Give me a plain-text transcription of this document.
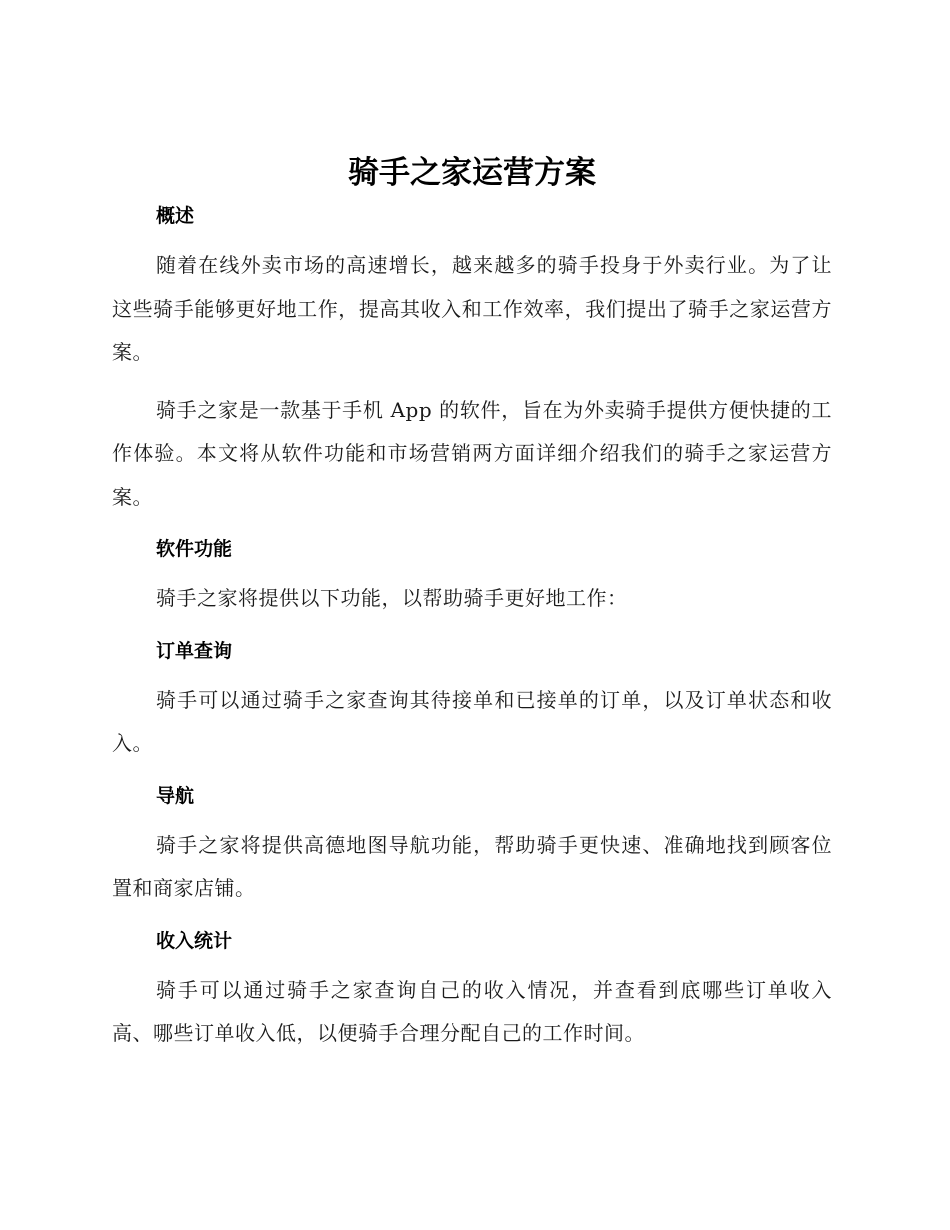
骑手之家运营方案
概述

随着在线外卖市场的高速增长，越来越多的骑手投身于外卖行业。为了让这些骑手能够更好地工作，提高其收入和工作效率，我们提出了骑手之家运营方案。

骑手之家是一款基于手机 App 的软件，旨在为外卖骑手提供方便快捷的工作体验。本文将从软件功能和市场营销两方面详细介绍我们的骑手之家运营方案。

软件功能

骑手之家将提供以下功能，以帮助骑手更好地工作：

订单查询

骑手可以通过骑手之家查询其待接单和已接单的订单，以及订单状态和收入。

导航

骑手之家将提供高德地图导航功能，帮助骑手更快速、准确地找到顾客位置和商家店铺。

收入统计

骑手可以通过骑手之家查询自己的收入情况，并查看到底哪些订单收入高、哪些订单收入低，以便骑手合理分配自己的工作时间。
